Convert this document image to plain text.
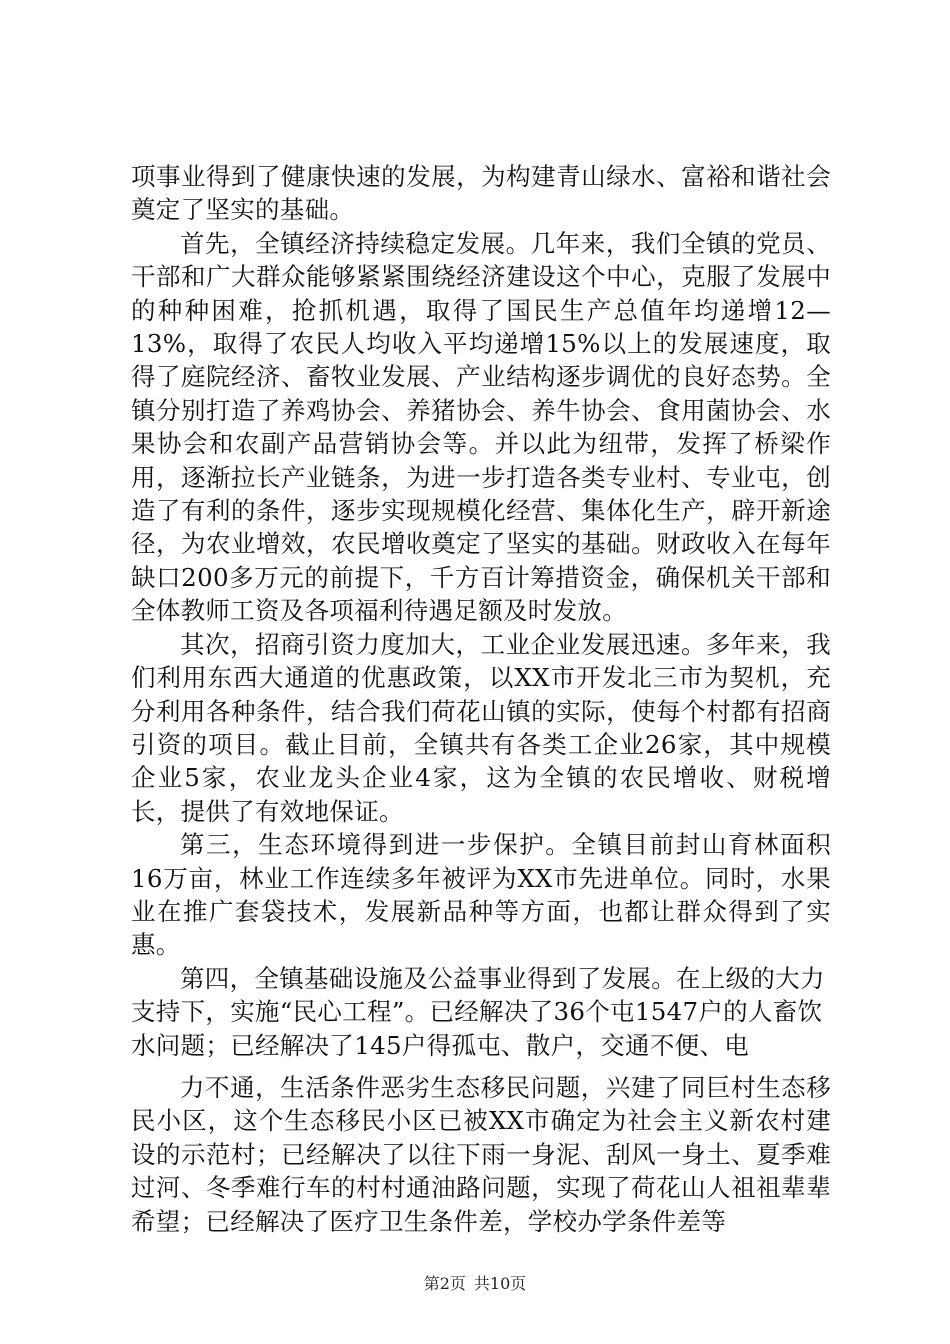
项事业得到了健康快速的发展，为构建青山绿水、富裕和谐社会奠定了坚实的基础。

首先，全镇经济持续稳定发展。几年来，我们全镇的党员、干部和广大群众能够紧紧围绕经济建设这个中心，克服了发展中的种种困难，抢抓机遇，取得了国民生产总值年均递增12—13%，取得了农民人均收入平均递增15%以上的发展速度，取得了庭院经济、畜牧业发展、产业结构逐步调优的良好态势。全镇分别打造了养鸡协会、养猪协会、养牛协会、食用菌协会、水果协会和农副产品营销协会等。并以此为纽带，发挥了桥梁作用，逐渐拉长产业链条，为进一步打造各类专业村、专业屯，创造了有利的条件，逐步实现规模化经营、集体化生产，辟开新途径，为农业增效，农民增收奠定了坚实的基础。财政收入在每年缺口200多万元的前提下，千方百计筹措资金，确保机关干部和全体教师工资及各项福利待遇足额及时发放。

其次，招商引资力度加大，工业企业发展迅速。多年来，我们利用东西大通道的优惠政策，以XX市开发北三市为契机，充分利用各种条件，结合我们荷花山镇的实际，使每个村都有招商引资的项目。截止目前，全镇共有各类工企业26家，其中规模企业5家，农业龙头企业4家，这为全镇的农民增收、财税增长，提供了有效地保证。

第三，生态环境得到进一步保护。全镇目前封山育林面积16万亩，林业工作连续多年被评为XX市先进单位。同时，水果业在推广套袋技术，发展新品种等方面，也都让群众得到了实惠。

第四，全镇基础设施及公益事业得到了发展。在上级的大力支持下，实施“民心工程”。已经解决了36个屯1547户的人畜饮水问题；已经解决了145户得孤屯、散户，交通不便、电

力不通，生活条件恶劣生态移民问题，兴建了同巨村生态移民小区，这个生态移民小区已被XX市确定为社会主义新农村建设的示范村；已经解决了以往下雨一身泥、刮风一身土、夏季难过河、冬季难行车的村村通油路问题，实现了荷花山人祖祖辈辈希望；已经解决了医疗卫生条件差，学校办学条件差等

第2页 共10页
